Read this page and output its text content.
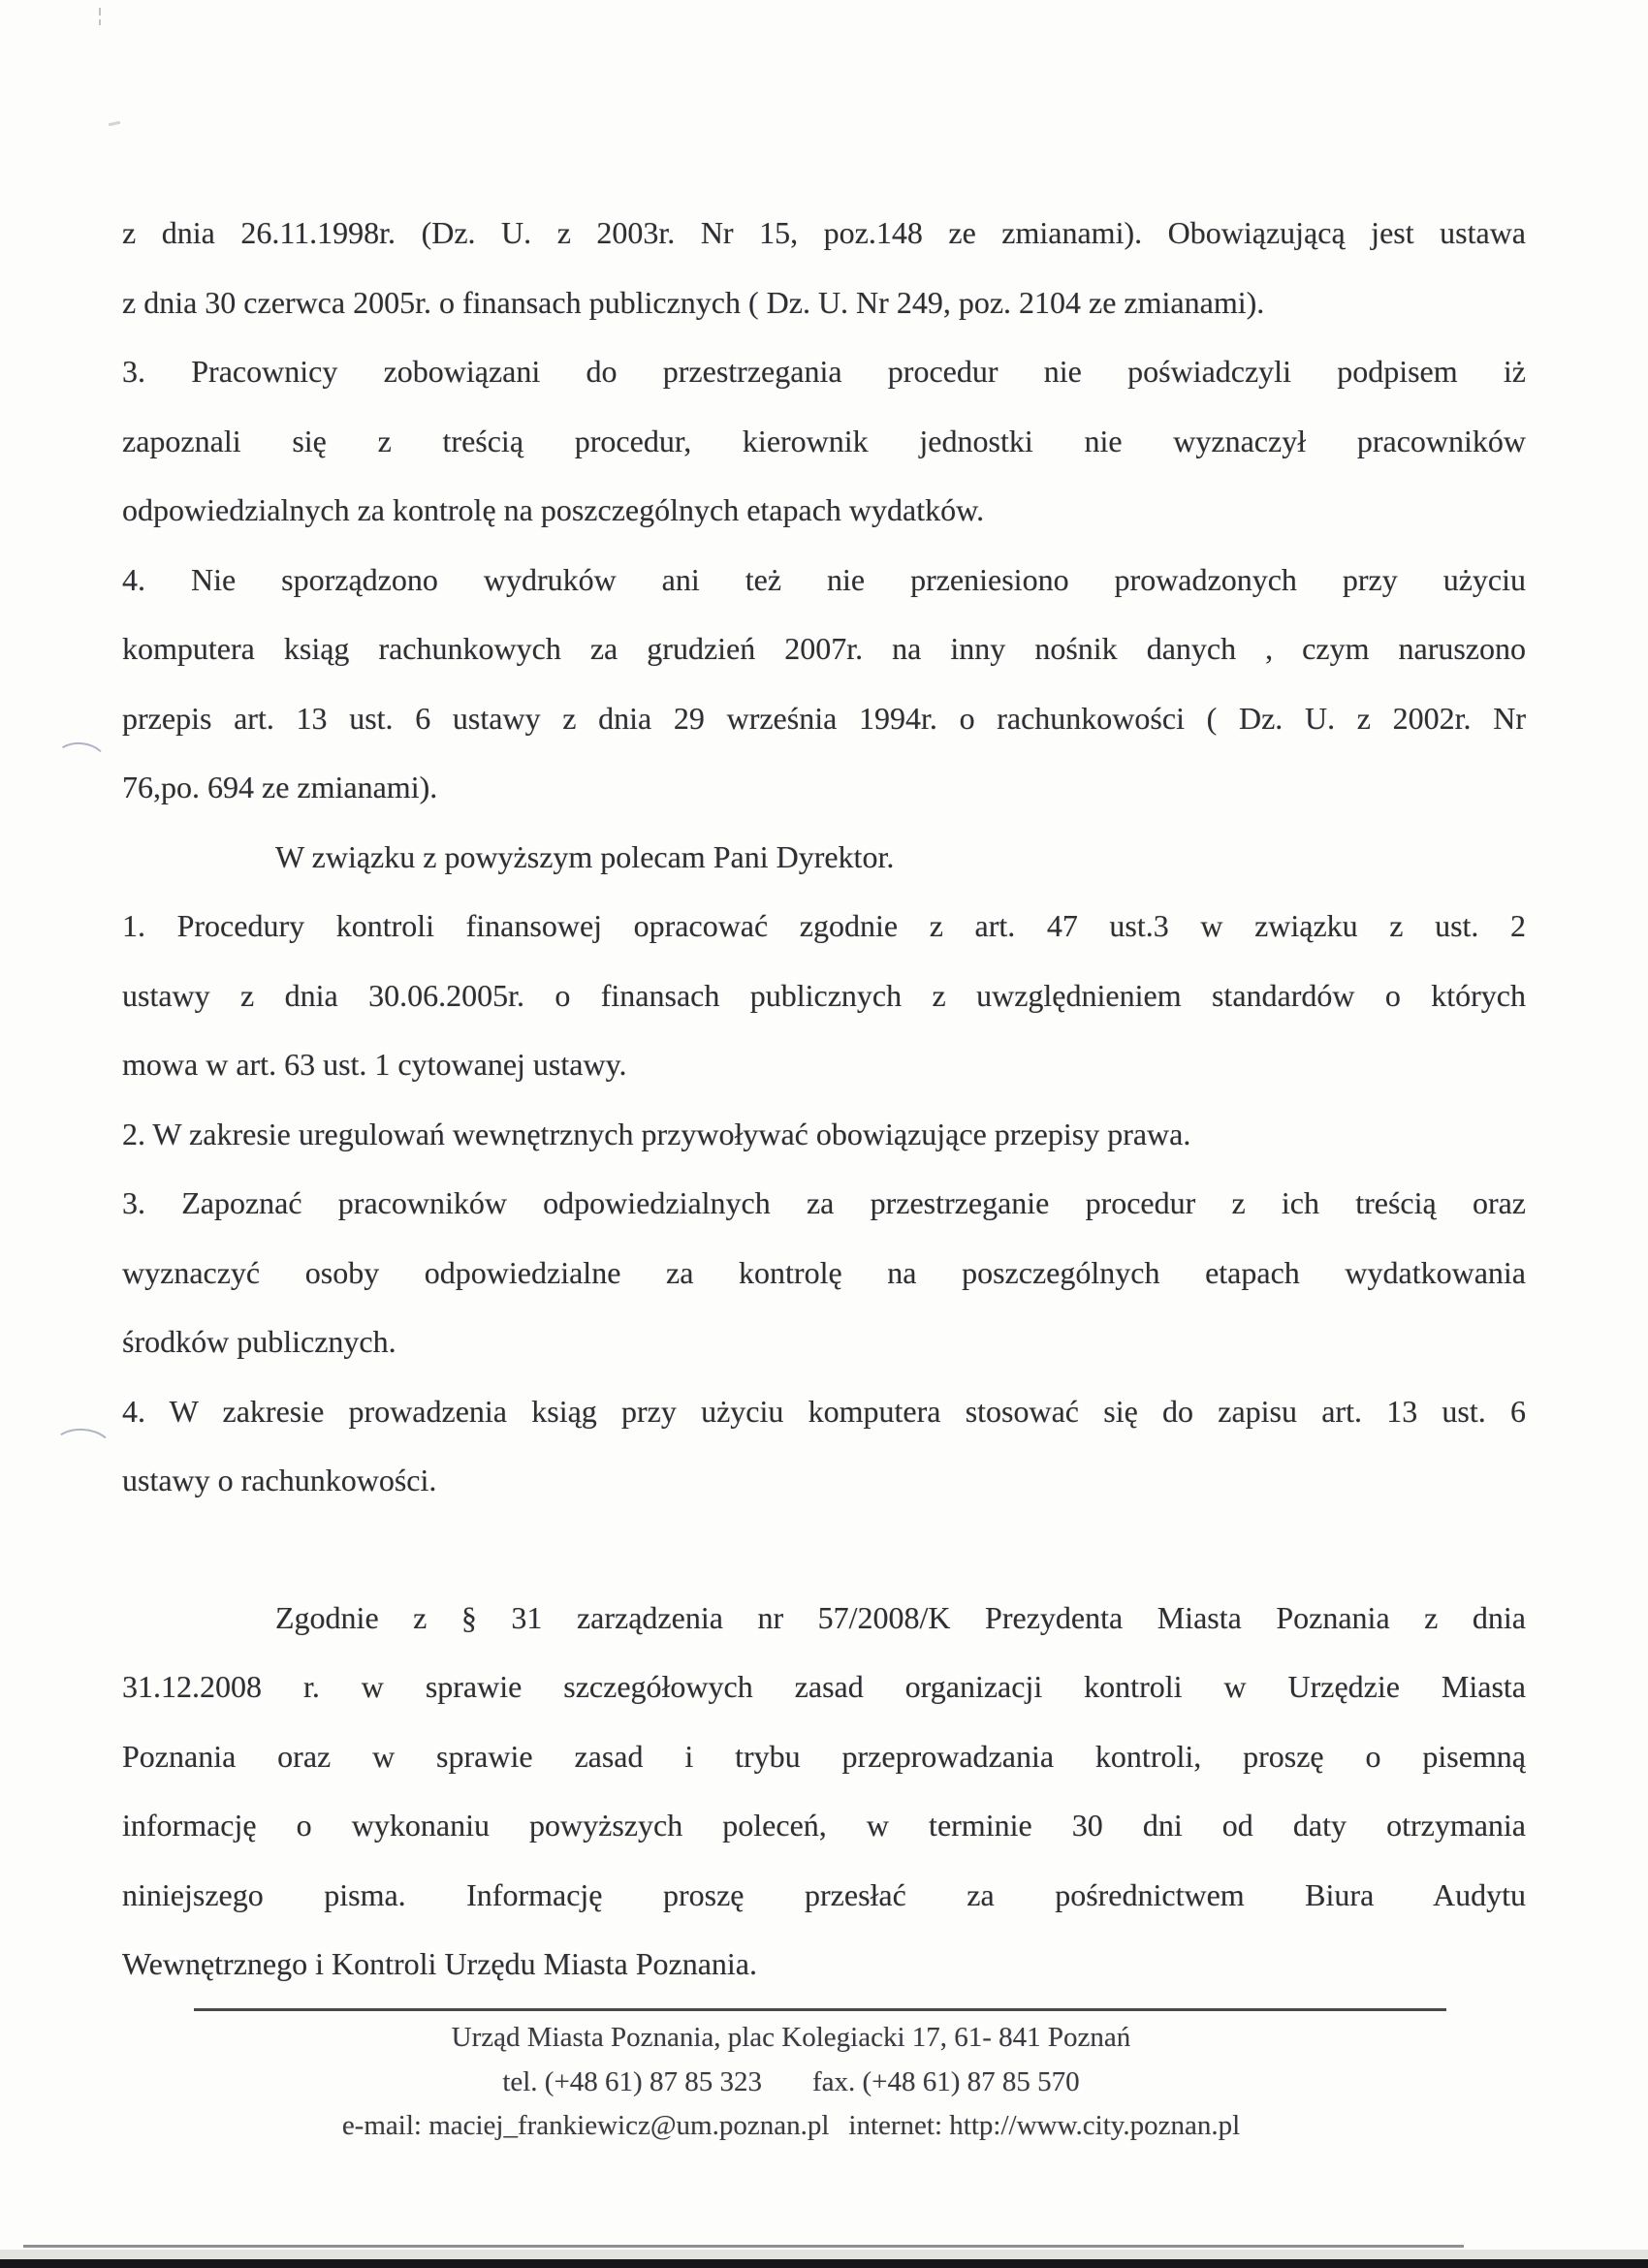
z dnia 26.11.1998r. (Dz. U. z 2003r. Nr 15, poz.148 ze zmianami). Obowiązującą jest ustawa
z dnia 30 czerwca 2005r. o finansach publicznych ( Dz. U. Nr 249, poz. 2104 ze zmianami).
3. Pracownicy zobowiązani do przestrzegania procedur nie poświadczyli podpisem iż
zapoznali się z treścią procedur, kierownik jednostki nie wyznaczył pracowników
odpowiedzialnych za kontrolę na poszczególnych etapach wydatków.
4. Nie sporządzono wydruków ani też nie przeniesiono prowadzonych przy użyciu
komputera ksiąg rachunkowych za grudzień 2007r. na inny nośnik danych , czym naruszono
przepis art. 13 ust. 6 ustawy z dnia 29 września 1994r. o rachunkowości ( Dz. U. z 2002r. Nr
76,po. 694 ze zmianami).
W związku z powyższym polecam Pani Dyrektor.
1. Procedury kontroli finansowej opracować zgodnie z art. 47 ust.3 w związku z ust. 2
ustawy z dnia 30.06.2005r. o finansach publicznych z uwzględnieniem standardów o których
mowa w art. 63 ust. 1 cytowanej ustawy.
2. W zakresie uregulowań wewnętrznych przywoływać obowiązujące przepisy prawa.
3. Zapoznać pracowników odpowiedzialnych za przestrzeganie procedur z ich treścią oraz
wyznaczyć osoby odpowiedzialne za kontrolę na poszczególnych etapach wydatkowania
środków publicznych.
4. W zakresie prowadzenia ksiąg przy użyciu komputera stosować się do zapisu art. 13 ust. 6
ustawy o rachunkowości.
Zgodnie z § 31 zarządzenia nr 57/2008/K Prezydenta Miasta Poznania z dnia
31.12.2008 r. w sprawie szczegółowych zasad organizacji kontroli w Urzędzie Miasta
Poznania oraz w sprawie zasad i trybu przeprowadzania kontroli, proszę o pisemną
informację o wykonaniu powyższych poleceń, w terminie 30 dni od daty otrzymania
niniejszego pisma. Informację proszę przesłać za pośrednictwem Biura Audytu
Wewnętrznego i Kontroli Urzędu Miasta Poznania.
Urząd Miasta Poznania, plac Kolegiacki 17, 61- 841 Poznań
tel. (+48 61) 87 85 323 fax. (+48 61) 87 85 570
e-mail: maciej_frankiewicz@um.poznan.pl internet: http://www.city.poznan.pl
